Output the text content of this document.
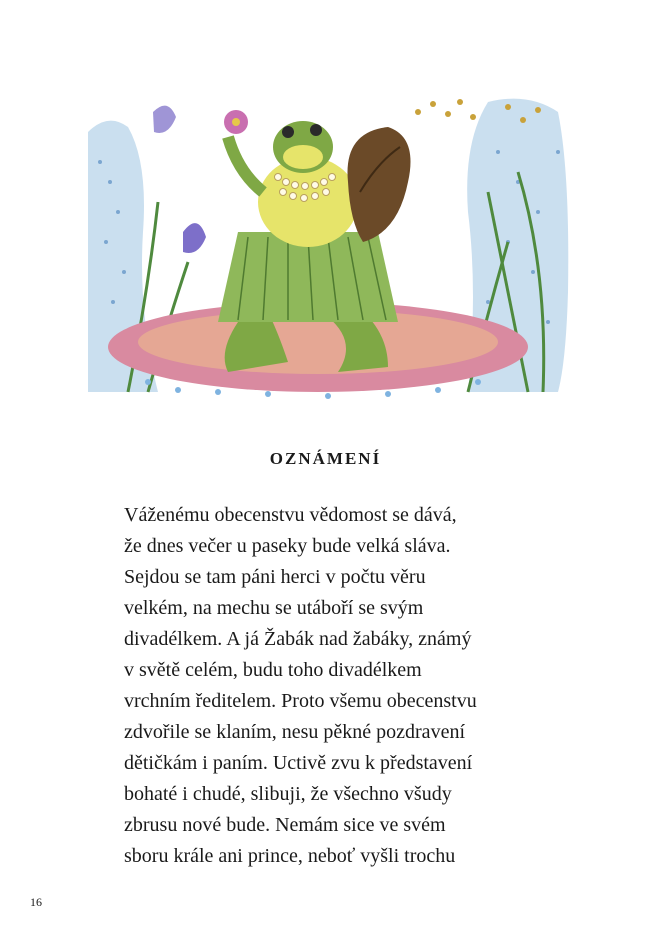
OZNÁMENÍ
Váženému obecenstvu vědomost se dává,
že dnes večer u paseky bude velká sláva.
Sejdou se tam páni herci v počtu věru
velkém, na mechu se utáboří se svým
divadélkem. A já Žabák nad žabáky, známý
v světě celém, budu toho divadélkem
vrchním ředitelem. Proto všemu obecenstvu
zdvořile se klaním, nesu pěkné pozdravení
dětičkám i paním. Uctivě zvu k představení
bohaté i chudé, slibuji, že všechno všudy
zbrusu nové bude. Nemám sice ve svém
sboru krále ani prince, neboť vyšli trochu
16
